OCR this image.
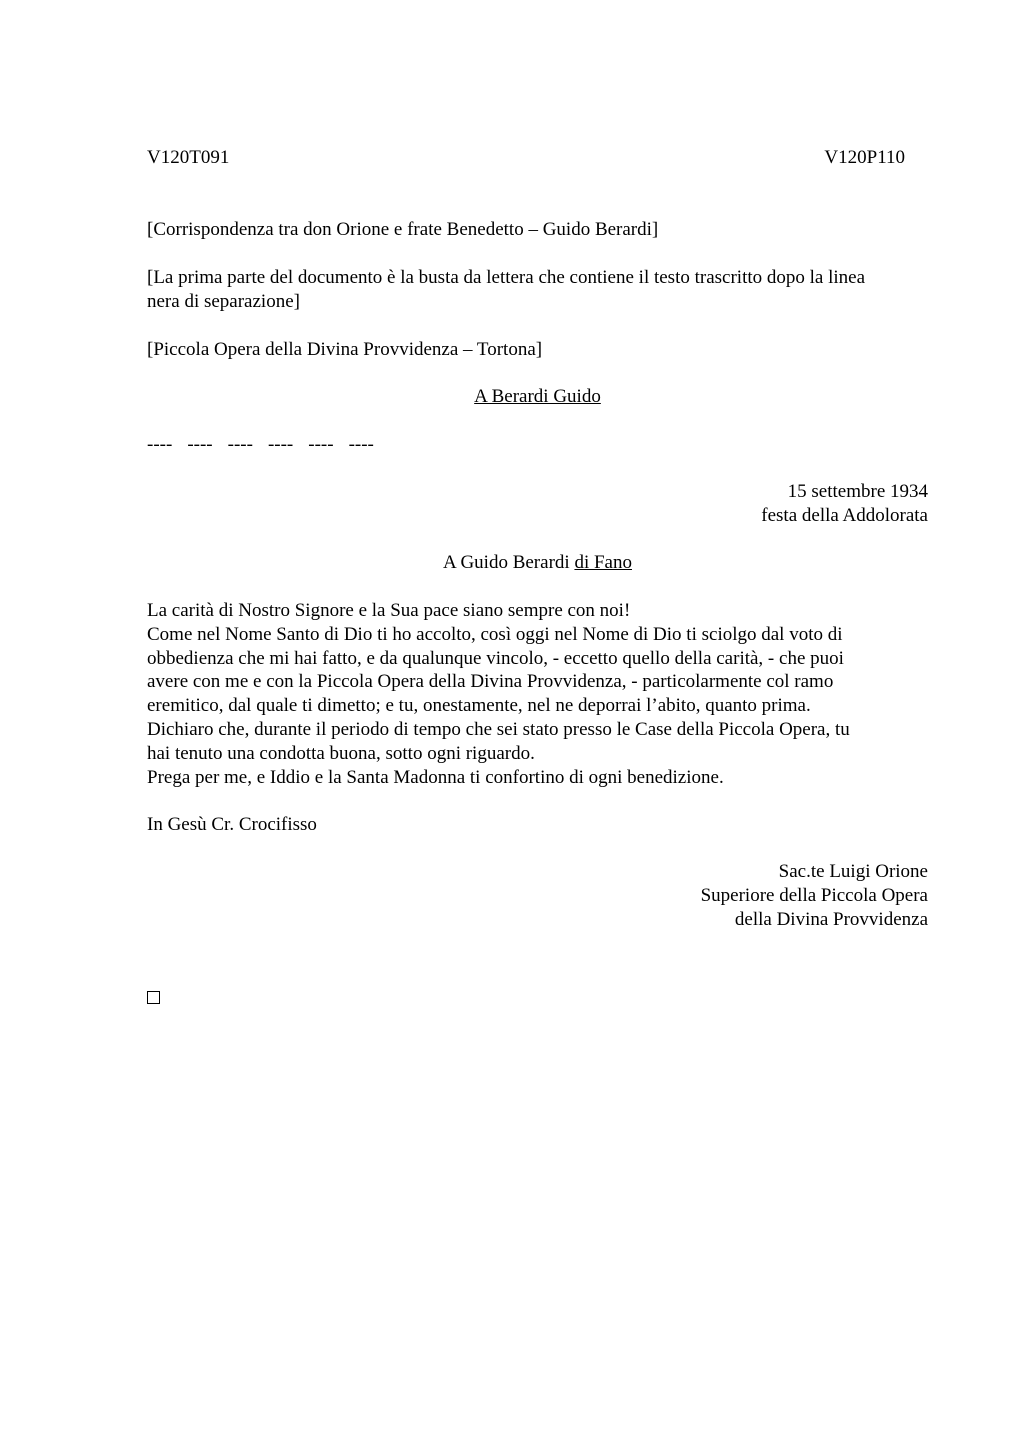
V120T091	V120P110
[Corrispondenza tra don Orione e frate Benedetto – Guido Berardi]
[La prima parte del documento è la busta da lettera che contiene il testo trascritto dopo la linea
nera di separazione]
[Piccola Opera della Divina Provvidenza – Tortona]
A Berardi Guido
---- ---- ---- ---- ---- ----
15 settembre 1934
festa della Addolorata
A Guido Berardi di Fano
La carità di Nostro Signore e la Sua pace siano sempre con noi!
Come nel Nome Santo di Dio ti ho accolto, così oggi nel Nome di Dio ti sciolgo dal voto di
obbedienza che mi hai fatto, e da qualunque vincolo, - eccetto quello della carità, - che puoi
avere con me e con la Piccola Opera della Divina Provvidenza, - particolarmente col ramo
eremitico, dal quale ti dimetto; e tu, onestamente, nel ne deporrai l’abito, quanto prima.
Dichiaro che, durante il periodo di tempo che sei stato presso le Case della Piccola Opera, tu
hai tenuto una condotta buona, sotto ogni riguardo.
Prega per me, e Iddio e la Santa Madonna ti confortino di ogni benedizione.
In Gesù Cr. Crocifisso
Sac.te Luigi Orione
Superiore della Piccola Opera
della Divina Provvidenza
